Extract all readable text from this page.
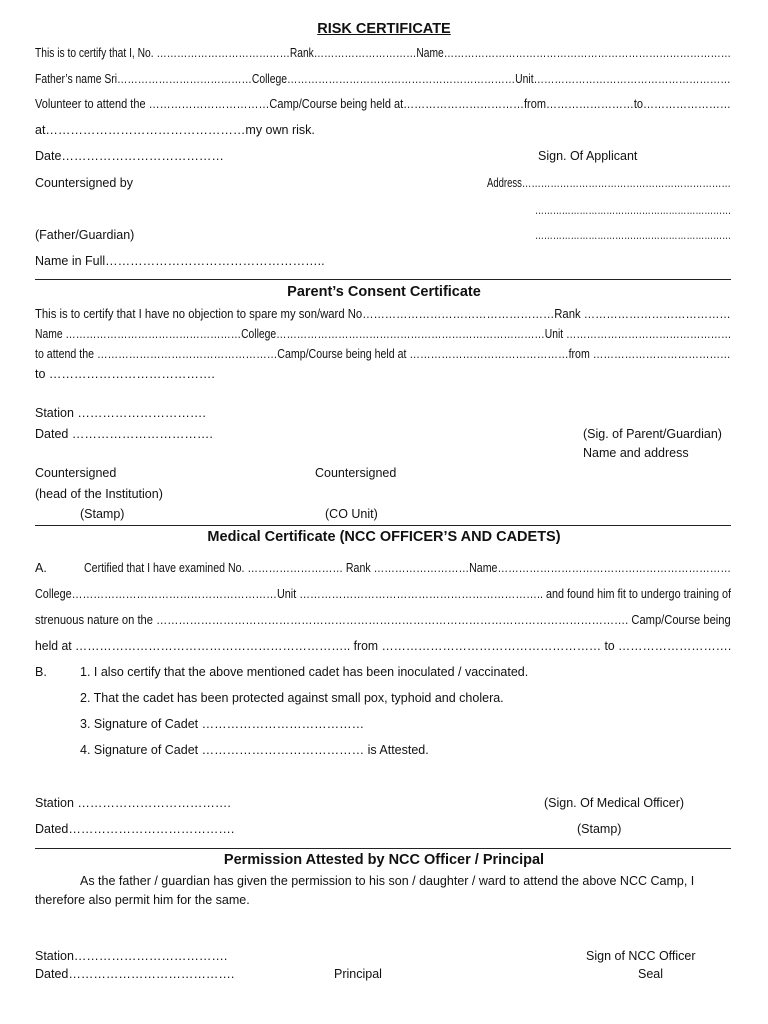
RISK CERTIFICATE
This is to certify that I, No. …………………………………Rank…………………………Name…………………………………………………………………………
Father’s name Sri…………………………………College…………………………………………………………Unit…………………………………………………
Volunteer to attend the ……………………………Camp/Course being held at……………………………from……………………to……………………
at…………………………………………my own risk.
Date…………………………………	Sign. Of Applicant
Countersigned by	Address…………………………………………………………
…………………………………………………………
(Father/Guardian)	…………………………………………………………
Name in Full……………………………………………..
Parent’s Consent Certificate
This is to certify that I have no objection to spare my son/ward No……………………………………………Rank …………………………………
Name ……………………………………………College……………………………………………………………………Unit …………………………………………
to attend the ……………………………………………Camp/Course being held at ………………………………………from …………………………………
to ………………………………….
Station ………………………….
Dated …………………………….	(Sig. of Parent/Guardian)
Name and address
Countersigned	Countersigned
(head of the Institution)
(Stamp)	(CO Unit)
Medical Certificate (NCC OFFICER’S AND CADETS)
A.	Certified that I have examined No. ……………………… Rank ………………………Name…………………………………………………………
College…………………………………………………Unit ………………………………………………………….. and found him fit to undergo training of
strenuous nature on the ………………………………………………………………………………………………………………. Camp/Course being
held at ………………………………………………………….. from ……………………………………………… to ……………………….
B.	1. I also certify that the above mentioned cadet has been inoculated / vaccinated.
2. That the cadet has been protected against small pox, typhoid and cholera.
3. Signature of Cadet …………………………………
4. Signature of Cadet ………………………………… is Attested.
Station ……………………………….	(Sign. Of Medical Officer)
Dated………………………………….	(Stamp)
Permission Attested by NCC Officer / Principal
As the father / guardian has given the permission to his son / daughter / ward to attend the above NCC Camp, I
therefore also permit him for the same.
Station……………………………….	Sign of NCC Officer
Dated………………………………….	Principal	Seal
